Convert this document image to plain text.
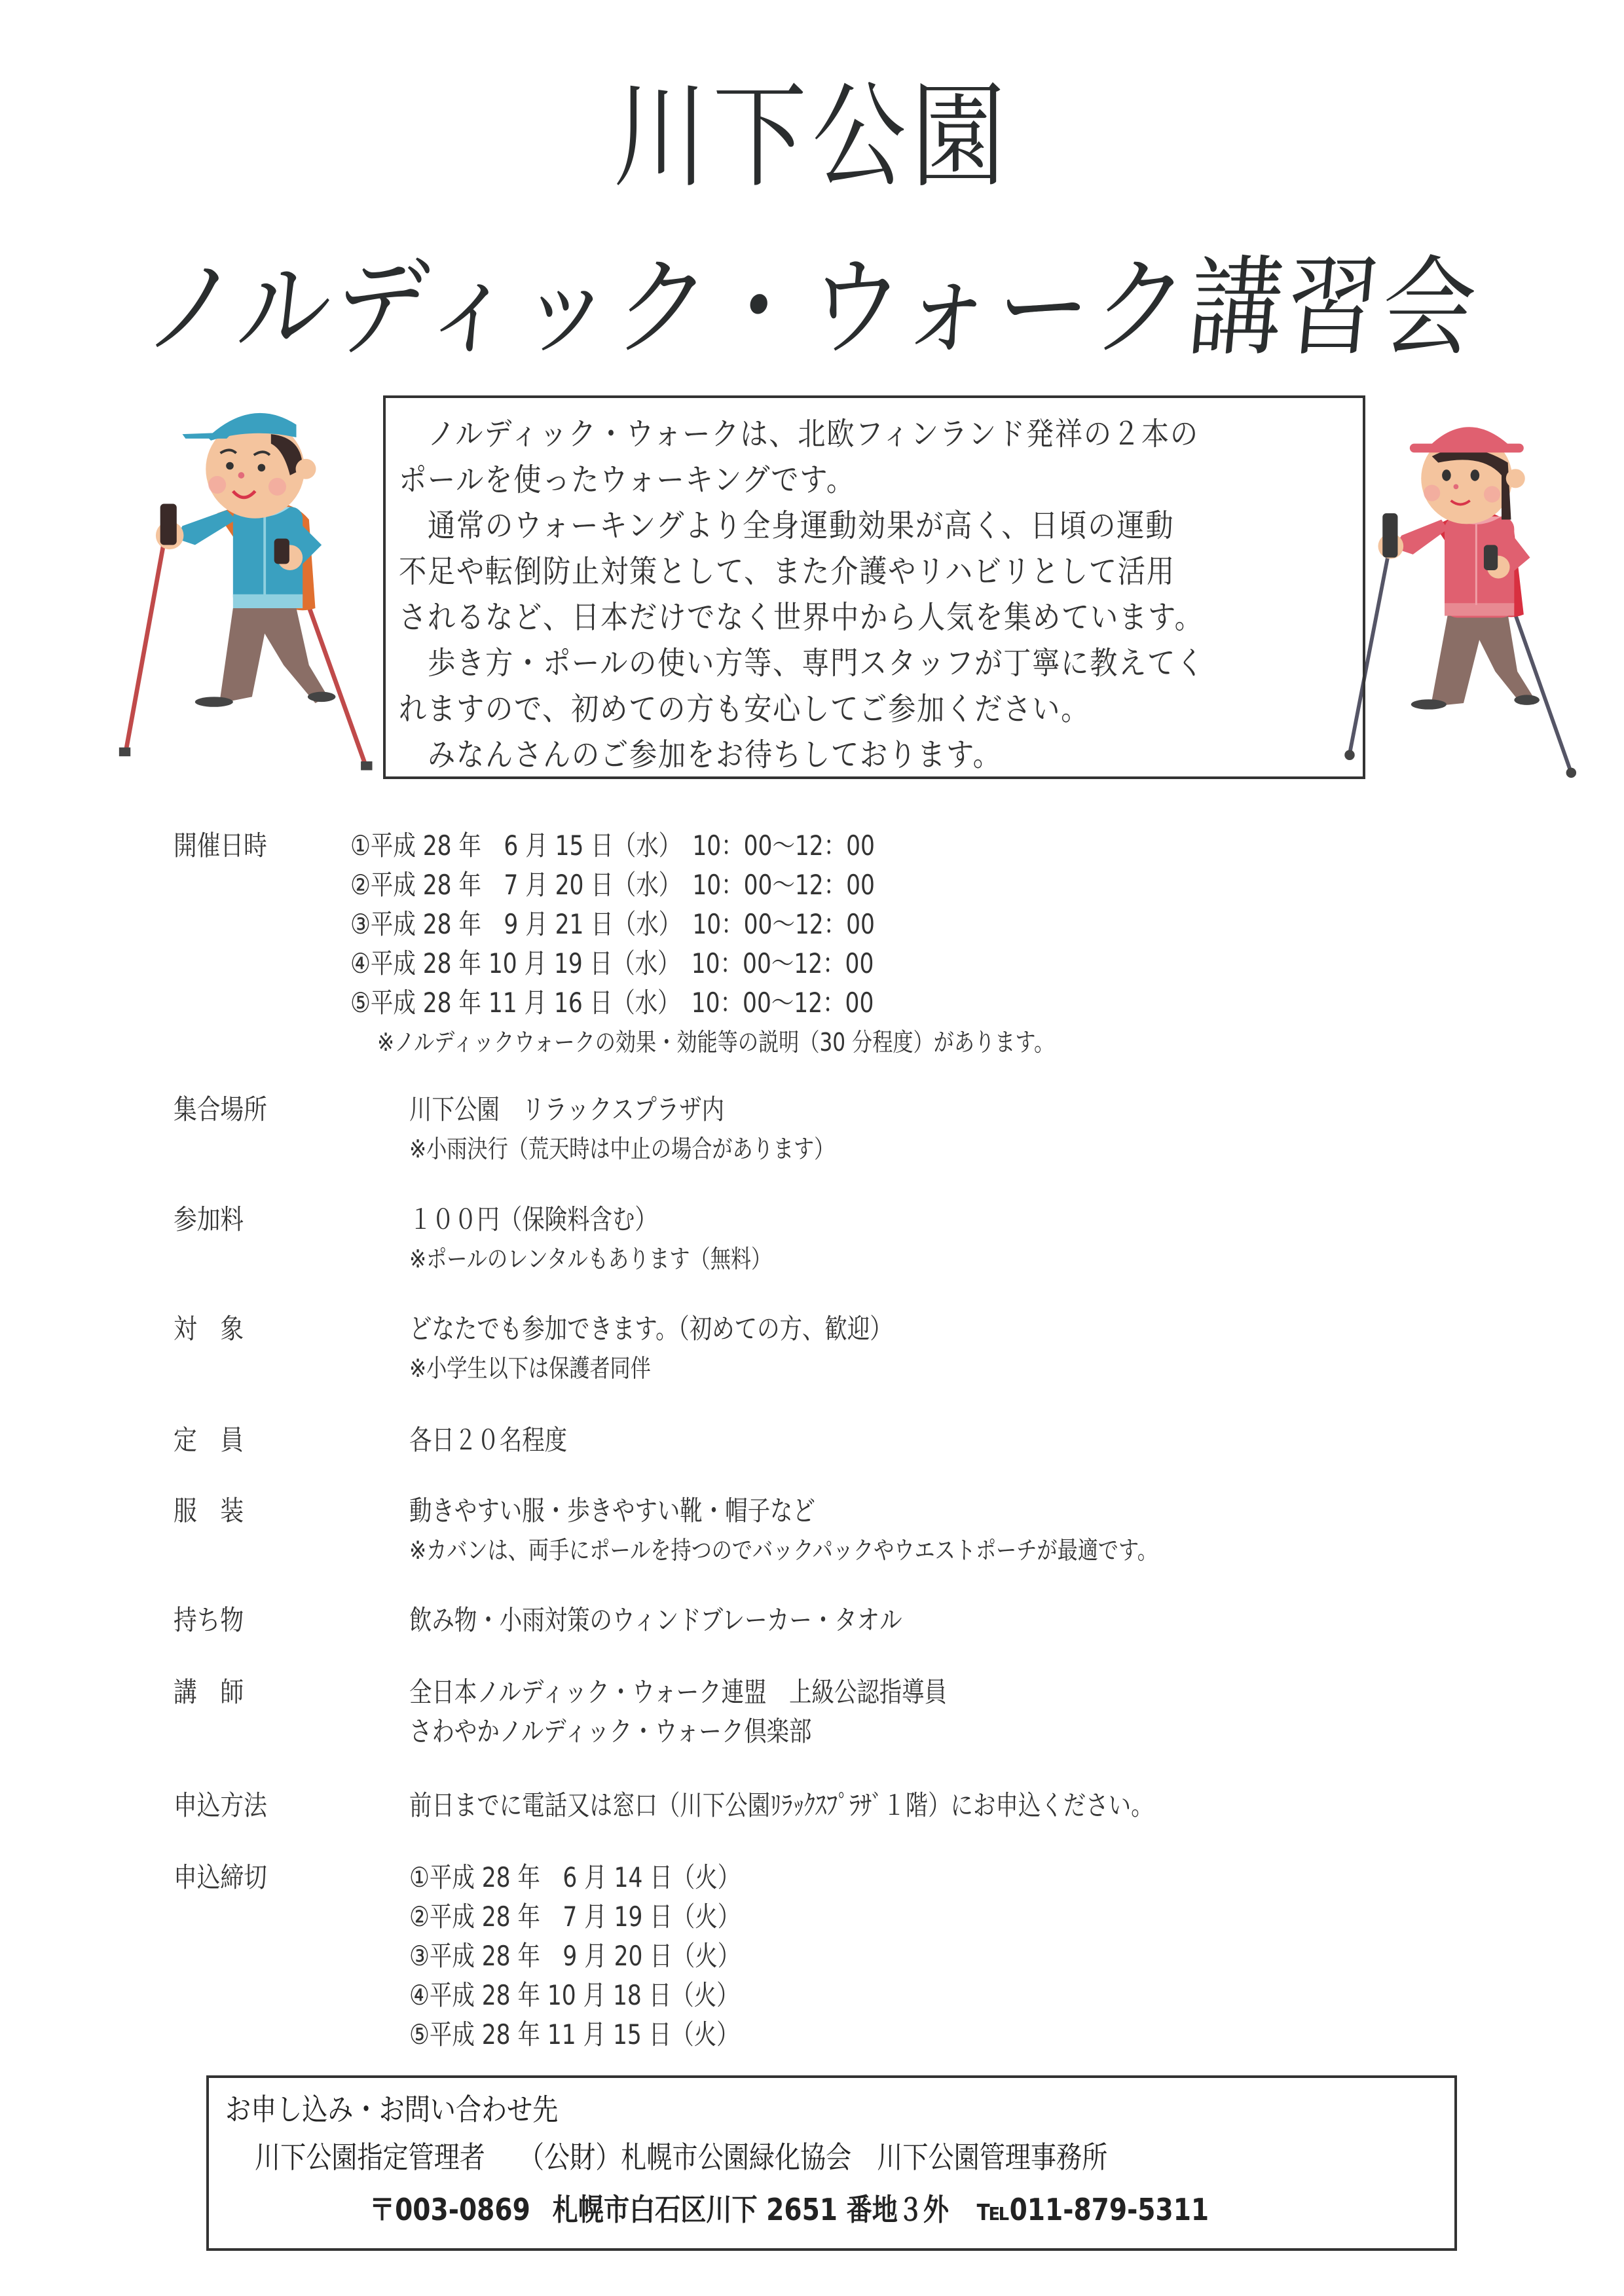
川下公園
ノルディック・ウォーク講習会

　ノルディック・ウォークは、北欧フィンランド発祥の２本の

ポールを使ったウォーキングです。

　通常のウォーキングより全身運動効果が高く、日頃の運動

不足や転倒防止対策として、また介護やリハビリとして活用

されるなど、日本だけでなく世界中から人気を集めています。

　歩き方・ポールの使い方等、専門スタッフが丁寧に教えてく

れますので、初めての方も安心してご参加ください。

　みなんさんのご参加をお待ちしております。

開催日時	①平成 28 年　6 月 15 日（水）　10：00～12：00
②平成 28 年　7 月 20 日（水）　10：00～12：00
③平成 28 年　9 月 21 日（水）　10：00～12：00
④平成 28 年 10 月 19 日（水）　10：00～12：00
⑤平成 28 年 11 月 16 日（水）　10：00～12：00
※ノルディックウォークの効果・効能等の説明（30 分程度）があります。
集合場所	川下公園　リラックスプラザ内
※小雨決行（荒天時は中止の場合があります）
参加料	１００円（保険料含む）
※ポールのレンタルもあります（無料）
対　象	どなたでも参加できます。（初めての方、歓迎）
※小学生以下は保護者同伴
定　員	各日２０名程度
服　装	動きやすい服・歩きやすい靴・帽子など
※カバンは、両手にポールを持つのでバックパックやウエストポーチが最適です。
持ち物	飲み物・小雨対策のウィンドブレーカー・タオル
講　師	全日本ノルディック・ウォーク連盟　上級公認指導員
さわやかノルディック・ウォーク倶楽部
申込方法	前日までに電話又は窓口（川下公園ﾘﾗｯｸｽﾌﾟﾗｻﾞ１階）にお申込ください。
申込締切	①平成 28 年　6 月 14 日（火）
②平成 28 年　7 月 19 日（火）
③平成 28 年　9 月 20 日（火）
④平成 28 年 10 月 18 日（火）
⑤平成 28 年 11 月 15 日（火）
お申し込み・お問い合わせ先
川下公園指定管理者 （公財）札幌市公園緑化協会　川下公園管理事務所
〒003-0869 札幌市白石区川下 2651 番地３外 ℡011-879-5311
